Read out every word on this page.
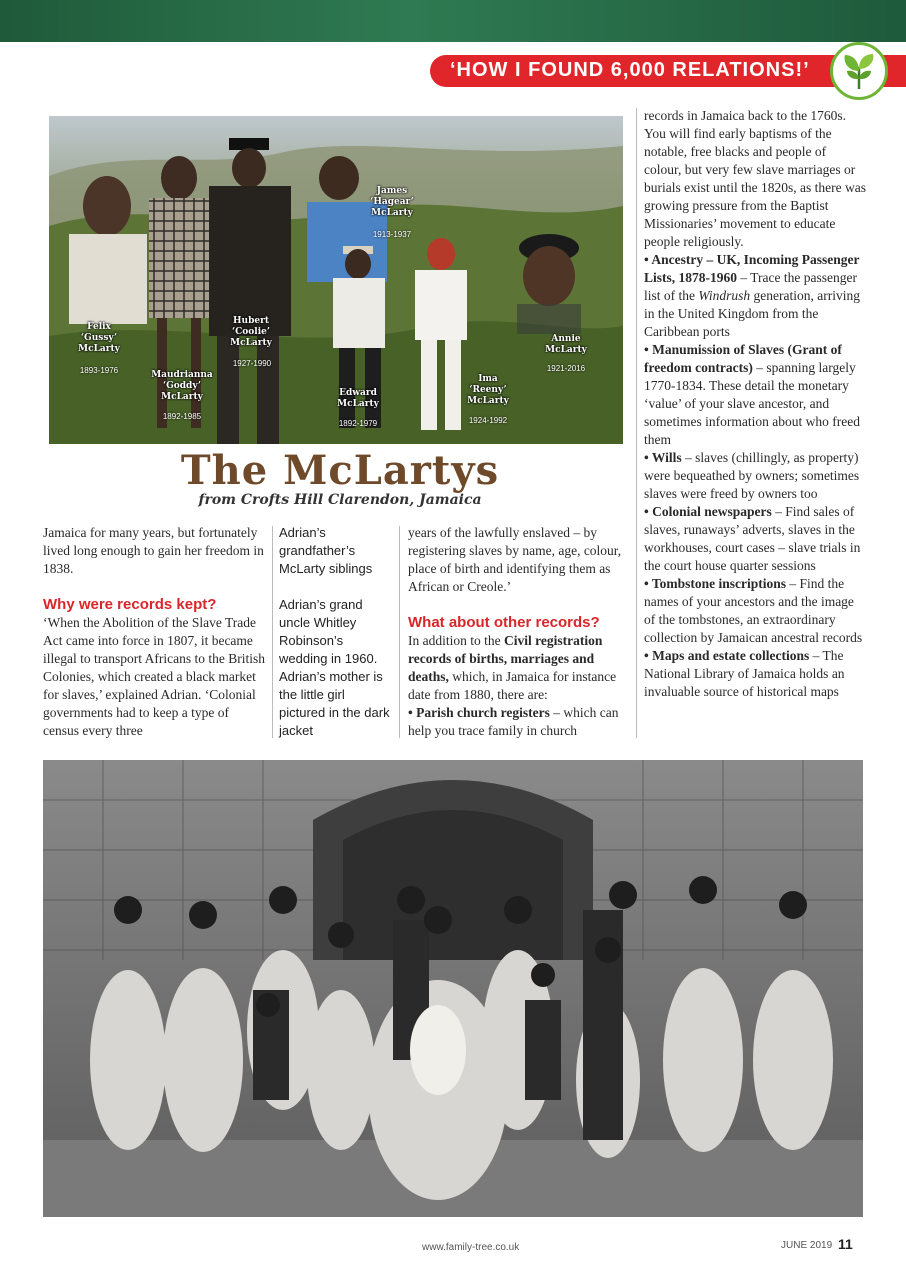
‘HOW I FOUND 6,000 RELATIONS!’
Felix
‘Gussy’
McLarty
1893-1976	Maudrianna
‘Goddy’
McLarty
1892-1985
Hubert
‘Coolie’
McLarty
1927-1990
James
‘Hagear’
McLarty
1913-1937
Edward
McLarty
1892-1979
Ima
‘Reeny’
McLarty
1924-1992
Annie
McLarty
1921-2016
The McLartys
from Crofts Hill Clarendon, Jamaica

Jamaica for many years, but fortunately lived long enough to gain her freedom in 1838.

Why were records kept?

‘When the Abolition of the Slave Trade Act came into force in 1807, it became illegal to transport Africans to the British Colonies, which created a black market for slaves,’ explained Adrian. ‘Colonial governments had to keep a type of census every three

Adrian’s grandfather’s McLarty siblings

Adrian’s grand uncle Whitley Robinson’s wedding in 1960. Adrian’s mother is the little girl pictured in the dark jacket

years of the lawfully enslaved – by registering slaves by name, age, colour, place of birth and identifying them as African or Creole.’

What about other records?

In addition to the Civil registration records of births, marriages and deaths, which, in Jamaica for instance date from 1880, there are:

• Parish church registers – which can help you trace family in church

records in Jamaica back to the 1760s. You will find early baptisms of the notable, free blacks and people of colour, but very few slave marriages or burials exist until the 1820s, as there was growing pressure from the Baptist Missionaries’ movement to educate people religiously.

• Ancestry – UK, Incoming Passenger Lists, 1878-1960 – Trace the passenger list of the Windrush generation, arriving in the United Kingdom from the Caribbean ports

• Manumission of Slaves (Grant of freedom contracts) – spanning largely 1770-1834. These detail the monetary ‘value’ of your slave ancestor, and sometimes information about who freed them

• Wills – slaves (chillingly, as property) were bequeathed by owners; sometimes slaves were freed by owners too

• Colonial newspapers – Find sales of slaves, runaways’ adverts, slaves in the workhouses, court cases – slave trials in the court house quarter sessions

• Tombstone inscriptions – Find the names of your ancestors and the image of the tombstones, an extraordinary collection by Jamaican ancestral records

• Maps and estate collections – The National Library of Jamaica holds an invaluable source of historical maps

www.family-tree.co.uk	JUNE 2019 11
